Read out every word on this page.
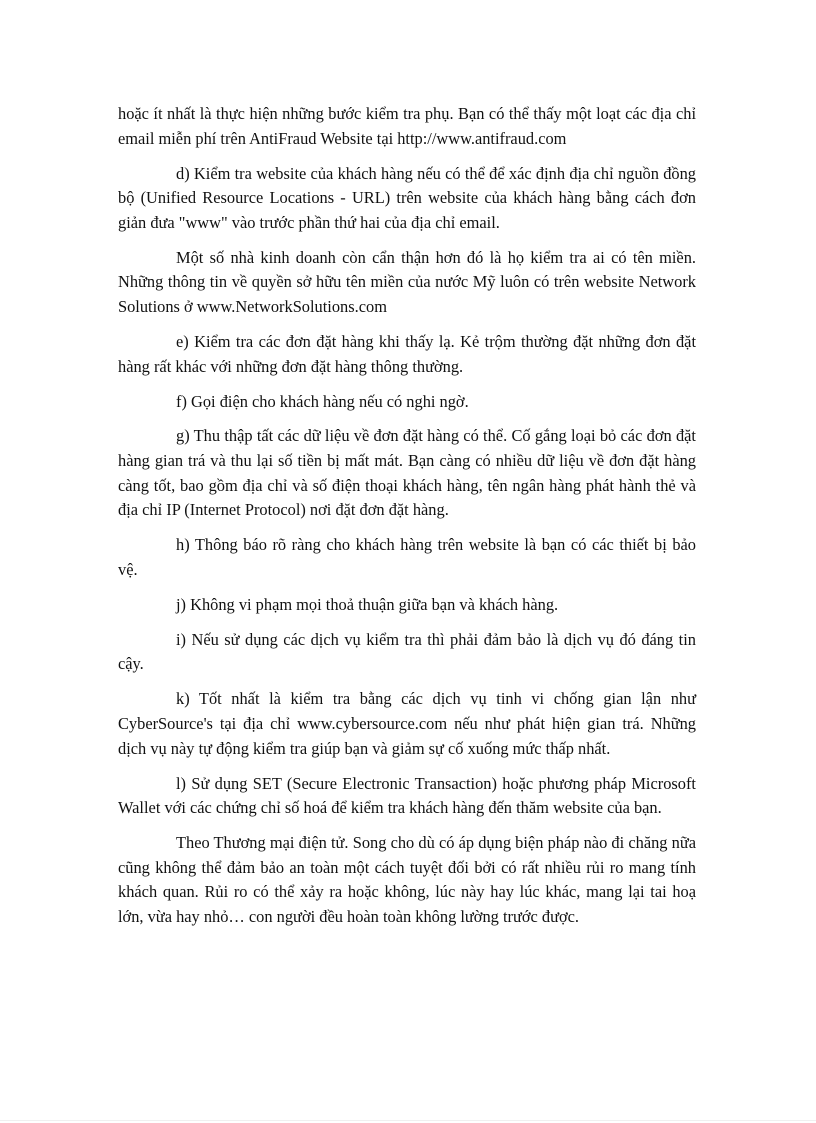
hoặc ít nhất là thực hiện những bước kiểm tra phụ. Bạn có thể thấy một loạt các địa chỉ email miễn phí trên AntiFraud Website tại http://www.antifraud.com

d) Kiểm tra website của khách hàng nếu có thể để xác định địa chỉ nguồn đồng bộ (Unified Resource Locations - URL) trên website của khách hàng bằng cách đơn giản đưa "www" vào trước phần thứ hai của địa chỉ email.

Một số nhà kinh doanh còn cẩn thận hơn đó là họ kiểm tra ai có tên miền. Những thông tin về quyền sở hữu tên miền của nước Mỹ luôn có trên website Network Solutions ở www.NetworkSolutions.com

e) Kiểm tra các đơn đặt hàng khi thấy lạ. Kẻ trộm thường đặt những đơn đặt hàng rất khác với những đơn đặt hàng thông thường.

f) Gọi điện cho khách hàng nếu có nghi ngờ.

g) Thu thập tất các dữ liệu về đơn đặt hàng có thể. Cố gắng loại bỏ các đơn đặt hàng gian trá và thu lại số tiền bị mất mát. Bạn càng có nhiều dữ liệu về đơn đặt hàng càng tốt, bao gồm địa chỉ và số điện thoại khách hàng, tên ngân hàng phát hành thẻ và địa chỉ IP (Internet Protocol) nơi đặt đơn đặt hàng.

h) Thông báo rõ ràng cho khách hàng trên website là bạn có các thiết bị bảo vệ.

j) Không vi phạm mọi thoả thuận giữa bạn và khách hàng.

i) Nếu sử dụng các dịch vụ kiểm tra thì phải đảm bảo là dịch vụ đó đáng tin cậy.

k) Tốt nhất là kiểm tra bằng các dịch vụ tinh vi chống gian lận như CyberSource's tại địa chỉ www.cybersource.com nếu như phát hiện gian trá. Những dịch vụ này tự động kiểm tra giúp bạn và giảm sự cố xuống mức thấp nhất.

l) Sử dụng SET (Secure Electronic Transaction) hoặc phương pháp Microsoft Wallet với các chứng chỉ số hoá để kiểm tra khách hàng đến thăm website của bạn.

Theo Thương mại điện tử. Song cho dù có áp dụng biện pháp nào đi chăng nữa cũng không thể đảm bảo an toàn một cách tuyệt đối bởi có rất nhiều rủi ro mang tính khách quan. Rủi ro có thể xảy ra hoặc không, lúc này hay lúc khác, mang lại tai hoạ lớn, vừa hay nhỏ… con người đều hoàn toàn không lường trước được.
